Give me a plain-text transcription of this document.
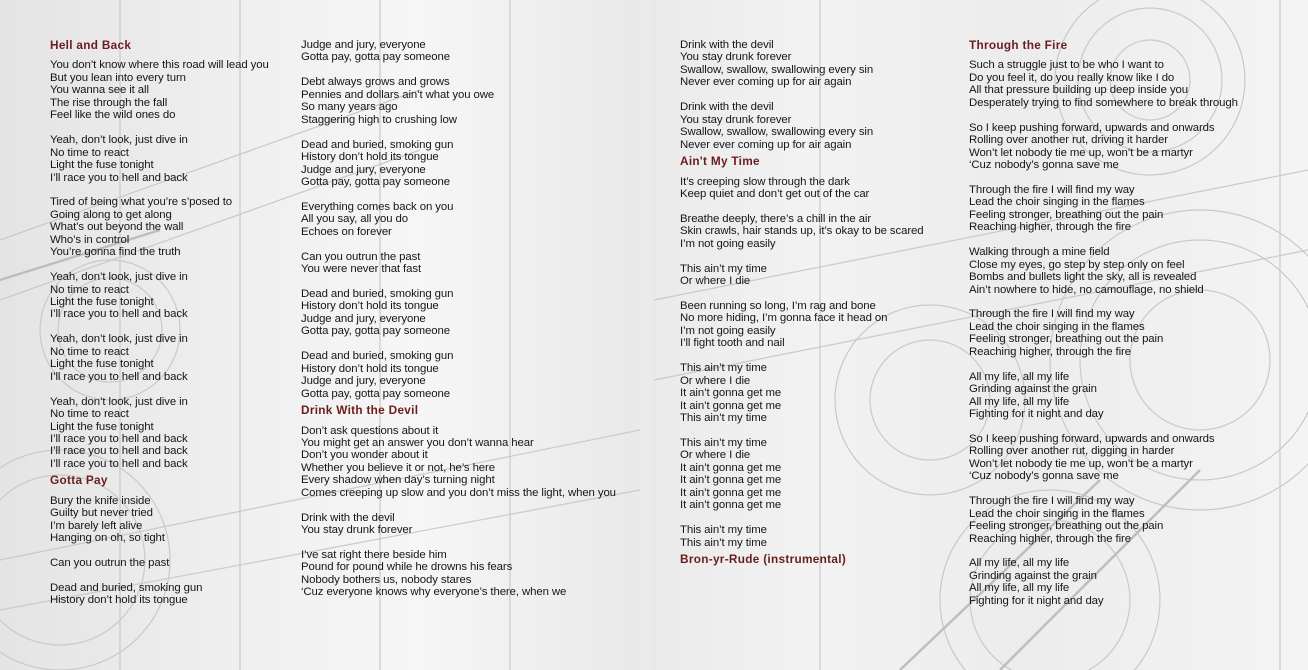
Hell and Back
You don’t know where this road will lead you
But you lean into every turn
You wanna see it all
The rise through the fall
Feel like the wild ones do
Yeah, don’t look, just dive in
No time to react
Light the fuse tonight
I’ll race you to hell and back
Tired of being what you’re s’posed to
Going along to get along
What’s out beyond the wall
Who’s in control
You’re gonna find the truth
Yeah, don’t look, just dive in
No time to react
Light the fuse tonight
I’ll race you to hell and back
Yeah, don’t look, just dive in
No time to react
Light the fuse tonight
I’ll race you to hell and back
Yeah, don’t look, just dive in
No time to react
Light the fuse tonight
I’ll race you to hell and back
I’ll race you to hell and back
I’ll race you to hell and back
Gotta Pay
Bury the knife inside
Guilty but never tried
I’m barely left alive
Hanging on oh, so tight
Can you outrun the past
Dead and buried, smoking gun
History don’t hold its tongue
Judge and jury, everyone
Gotta pay, gotta pay someone
Debt always grows and grows
Pennies and dollars ain’t what you owe
So many years ago
Staggering high to crushing low
Dead and buried, smoking gun
History don’t hold its tongue
Judge and jury, everyone
Gotta pay, gotta pay someone
Everything comes back on you
All you say, all you do
Echoes on forever
Can you outrun the past
You were never that fast
Dead and buried, smoking gun
History don’t hold its tongue
Judge and jury, everyone
Gotta pay, gotta pay someone
Dead and buried, smoking gun
History don’t hold its tongue
Judge and jury, everyone
Gotta pay, gotta pay someone
Drink With the Devil
Don’t ask questions about it
You might get an answer you don’t wanna hear
Don’t you wonder about it
Whether you believe it or not, he’s here
Every shadow when day’s turning night
Comes creeping up slow and you don’t miss the light, when you
Drink with the devil
You stay drunk forever
I’ve sat right there beside him
Pound for pound while he drowns his fears
Nobody bothers us, nobody stares
‘Cuz everyone knows why everyone’s there, when we
Drink with the devil
You stay drunk forever
Swallow, swallow, swallowing every sin
Never ever coming up for air again
Drink with the devil
You stay drunk forever
Swallow, swallow, swallowing every sin
Never ever coming up for air again
Ain't My Time
It’s creeping slow through the dark
Keep quiet and don’t get out of the car
Breathe deeply, there’s a chill in the air
Skin crawls, hair stands up, it’s okay to be scared
I’m not going easily
This ain’t my time
Or where I die
Been running so long, I’m rag and bone
No more hiding, I’m gonna face it head on
I’m not going easily
I’ll fight tooth and nail
This ain’t my time
Or where I die
It ain’t gonna get me
It ain’t gonna get me
This ain’t my time
This ain’t my time
Or where I die
It ain’t gonna get me
It ain’t gonna get me
It ain’t gonna get me
It ain’t gonna get me
This ain’t my time
This ain’t my time
Bron-yr-Rude (instrumental)
Through the Fire
Such a struggle just to be who I want to
Do you feel it, do you really know like I do
All that pressure building up deep inside you
Desperately trying to find somewhere to break through
So I keep pushing forward, upwards and onwards
Rolling over another rut, driving it harder
Won’t let nobody tie me up, won’t be a martyr
‘Cuz nobody’s gonna save me
Through the fire I will find my way
Lead the choir singing in the flames
Feeling stronger, breathing out the pain
Reaching higher, through the fire
Walking through a mine field
Close my eyes, go step by step only on feel
Bombs and bullets light the sky, all is revealed
Ain’t nowhere to hide, no camouflage, no shield
Through the fire I will find my way
Lead the choir singing in the flames
Feeling stronger, breathing out the pain
Reaching higher, through the fire
All my life, all my life
Grinding against the grain
All my life, all my life
Fighting for it night and day
So I keep pushing forward, upwards and onwards
Rolling over another rut, digging in harder
Won’t let nobody tie me up, won’t be a martyr
‘Cuz nobody’s gonna save me
Through the fire I will find my way
Lead the choir singing in the flames
Feeling stronger, breathing out the pain
Reaching higher, through the fire
All my life, all my life
Grinding against the grain
All my life, all my life
Fighting for it night and day
